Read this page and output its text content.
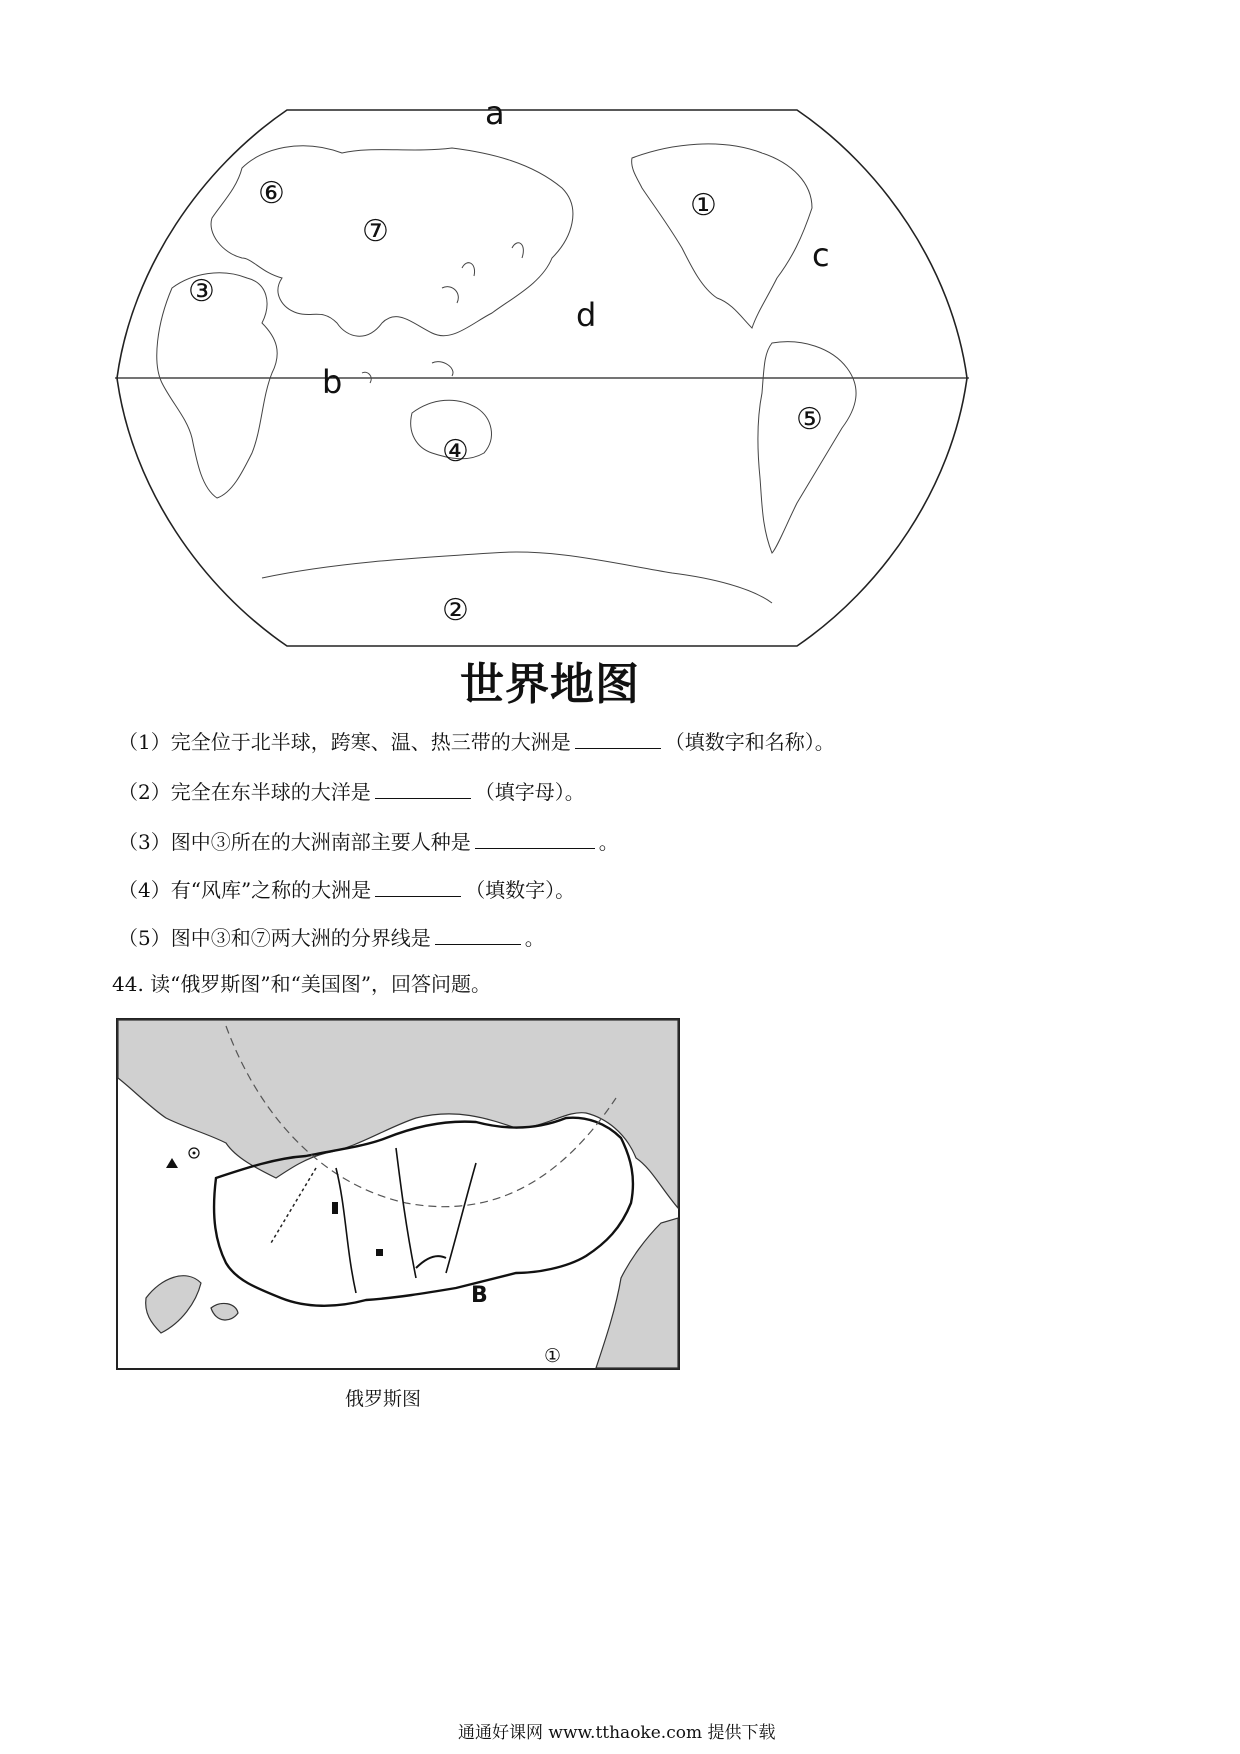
a
b
c
d
①
②
③
④
⑤
⑥
⑦
世界地图
（1）完全位于北半球，跨寒、温、热三带的大洲是	（填数字和名称）。
（2）完全在东半球的大洋是	（填字母）。
（3）图中③所在的大洲南部主要人种是	。
（4）有“风库”之称的大洲是	（填数字）。
（5）图中③和⑦两大洲的分界线是	。
44. 读“俄罗斯图”和“美国图”，回答问题。
B
①
俄罗斯图
通通好课网 www.tthaoke.com 提供下载
